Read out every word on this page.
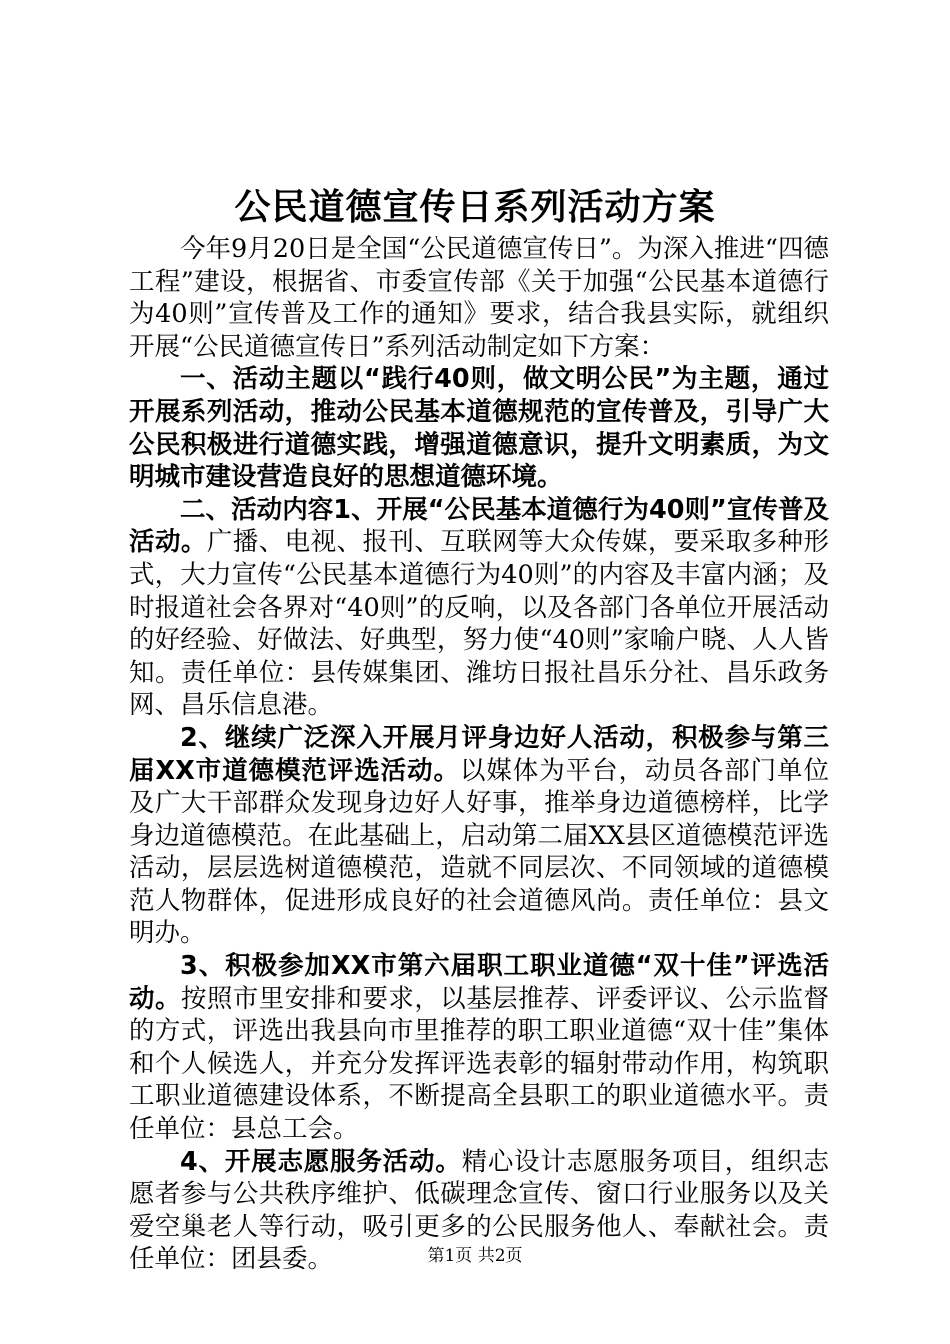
公民道德宣传日系列活动方案

今年9月20日是全国“公民道德宣传日”。为深入推进“四德工程”建设，根据省、市委宣传部《关于加强“公民基本道德行为40则”宣传普及工作的通知》要求，结合我县实际，就组织开展“公民道德宣传日”系列活动制定如下方案：

一、活动主题以“践行40则，做文明公民”为主题，通过开展系列活动，推动公民基本道德规范的宣传普及，引导广大公民积极进行道德实践，增强道德意识，提升文明素质，为文明城市建设营造良好的思想道德环境。

二、活动内容1、开展“公民基本道德行为40则”宣传普及活动。广播、电视、报刊、互联网等大众传媒，要采取多种形式，大力宣传“公民基本道德行为40则”的内容及丰富内涵；及时报道社会各界对“40则”的反响，以及各部门各单位开展活动的好经验、好做法、好典型，努力使“40则”家喻户晓、人人皆知。责任单位：县传媒集团、潍坊日报社昌乐分社、昌乐政务网、昌乐信息港。

2、继续广泛深入开展月评身边好人活动，积极参与第三届XX市道德模范评选活动。以媒体为平台，动员各部门单位及广大干部群众发现身边好人好事，推举身边道德榜样，比学身边道德模范。在此基础上，启动第二届XX县区道德模范评选活动，层层选树道德模范，造就不同层次、不同领域的道德模范人物群体，促进形成良好的社会道德风尚。责任单位：县文明办。

3、积极参加XX市第六届职工职业道德“双十佳”评选活动。按照市里安排和要求，以基层推荐、评委评议、公示监督的方式，评选出我县向市里推荐的职工职业道德“双十佳”集体和个人候选人，并充分发挥评选表彰的辐射带动作用，构筑职工职业道德建设体系，不断提高全县职工的职业道德水平。责任单位：县总工会。

4、开展志愿服务活动。精心设计志愿服务项目，组织志愿者参与公共秩序维护、低碳理念宣传、窗口行业服务以及关爱空巢老人等行动，吸引更多的公民服务他人、奉献社会。责任单位：团县委。	第1页 共2页
